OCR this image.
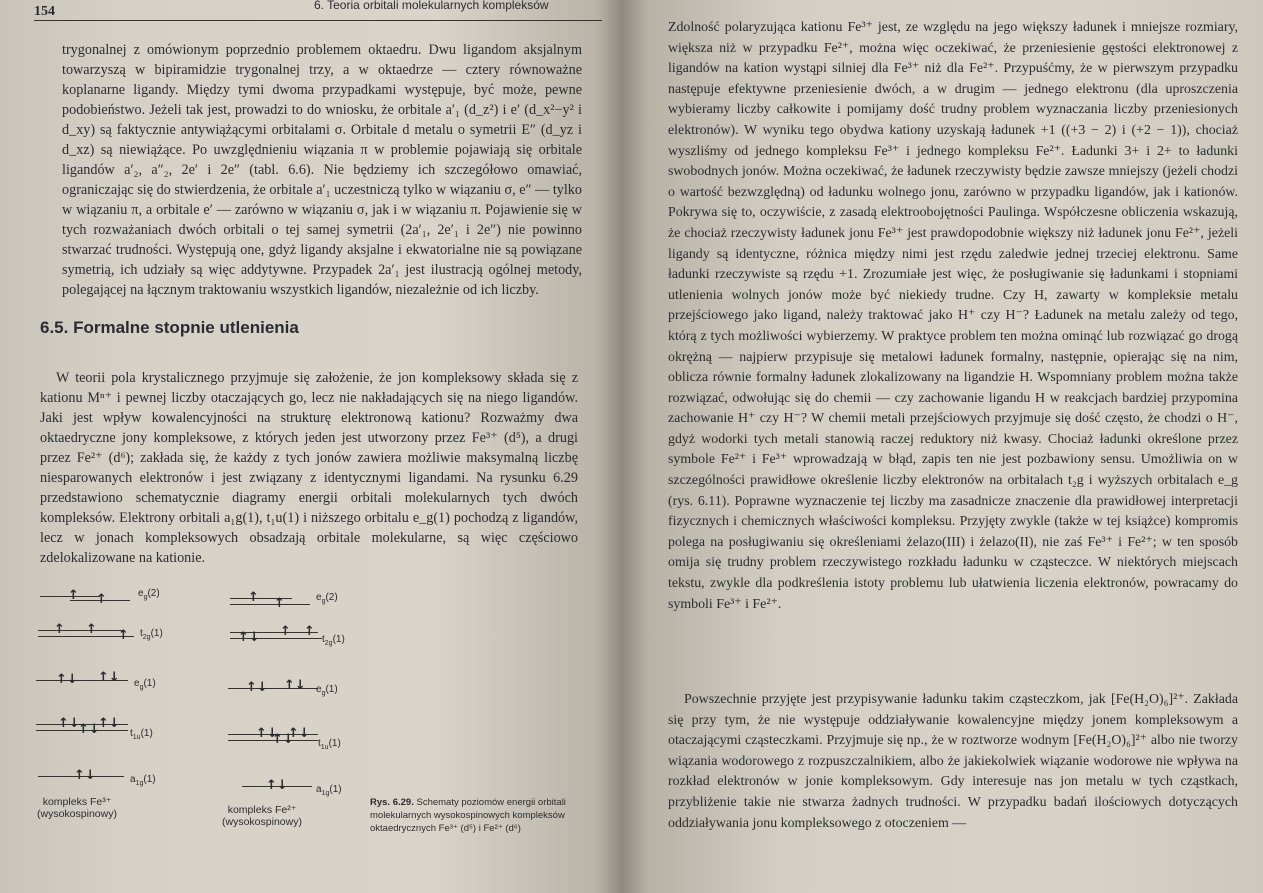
154	6. Teoria orbitali molekularnych kompleksów
trygonalnej z omówionym poprzednio problemem oktaedru. Dwu ligandom aksjalnym towarzyszą w bipiramidzie trygonalnej trzy, a w oktaedrze — cztery równoważne koplanarne ligandy. Między tymi dwoma przypadkami występuje, być może, pewne podobieństwo. Jeżeli tak jest, prowadzi to do wniosku, że orbitale a′₁ (d_z²) i e′ (d_x²−y² i d_xy) są faktycznie antywiążącymi orbitalami σ. Orbitale d metalu o symetrii E″ (d_yz i d_xz) są niewiążące. Po uwzględnieniu wiązania π w problemie pojawiają się orbitale ligandów a′₂, a″₂, 2e′ i 2e″ (tabl. 6.6). Nie będziemy ich szczegółowo omawiać, ograniczając się do stwierdzenia, że orbitale a′₁ uczestniczą tylko w wiązaniu σ, e″ — tylko w wiązaniu π, a orbitale e′ — zarówno w wiązaniu σ, jak i w wiązaniu π. Pojawienie się w tych rozważaniach dwóch orbitali o tej samej symetrii (2a′₁, 2e′₁ i 2e″) nie powinno stwarzać trudności. Występują one, gdyż ligandy aksjalne i ekwatorialne nie są powiązane symetrią, ich udziały są więc addytywne. Przypadek 2a′₁ jest ilustracją ogólnej metody, polegającej na łącznym traktowaniu wszystkich ligandów, niezależnie od ich liczby.
6.5. Formalne stopnie utlenienia
W teorii pola krystalicznego przyjmuje się założenie, że jon kompleksowy składa się z kationu Mⁿ⁺ i pewnej liczby otaczających go, lecz nie nakładających się na niego ligandów. Jaki jest wpływ kowalencyjności na strukturę elektronową kationu? Rozważmy dwa oktaedryczne jony kompleksowe, z których jeden jest utworzony przez Fe³⁺ (d⁵), a drugi przez Fe²⁺ (d⁶); zakłada się, że każdy z tych jonów zawiera możliwie maksymalną liczbę niesparowanych elektronów i jest związany z identycznymi ligandami. Na rysunku 6.29 przedstawiono schematycznie diagramy energii orbitali molekularnych tych dwóch kompleksów. Elektrony orbitali a₁g(1), t₁u(1) i niższego orbitalu e_g(1) pochodzą z ligandów, lecz w jonach kompleksowych obsadzają orbitale molekularne, są więc częściowo zdelokalizowane na kationie.
↑ ↑	$e_g(2)$
↑ ↑ ↑ $t_{2g}(1)$
↑↓ ↑↓ $e_g(1)$
↑↓ ↑↓
↑↓	$t_{1u}(1)$
↑↓	$a_{1g}(1)$
kompleks Fe³⁺
(wysokospinowy)
↑ ↑	$e_g(2)$
↑ ↑
↑↓	$t_{2g}(1)$
↑↓ ↑↓ $e_g(1)$
↑↓ ↑↓
↑↓ $t_{1u}(1)$
↑↓	$a_{1g}(1)$
kompleks Fe²⁺
(wysokospinowy)
Rys. 6.29. Schematy poziomów energii orbitali molekularnych wysokospinowych kompleksów oktaedrycznych Fe³⁺ (d⁵) i Fe²⁺ (d⁶)
Zdolność polaryzująca kationu Fe³⁺ jest, ze względu na jego większy ładunek i mniejsze rozmiary, większa niż w przypadku Fe²⁺, można więc oczekiwać, że przeniesienie gęstości elektronowej z ligandów na kation wystąpi silniej dla Fe³⁺ niż dla Fe²⁺. Przypuśćmy, że w pierwszym przypadku następuje efektywne przeniesienie dwóch, a w drugim — jednego elektronu (dla uproszczenia wybieramy liczby całkowite i pomijamy dość trudny problem wyznaczania liczby przeniesionych elektronów). W wyniku tego obydwa kationy uzyskają ładunek +1 ((+3 − 2) i (+2 − 1)), chociaż wyszliśmy od jednego kompleksu Fe³⁺ i jednego kompleksu Fe²⁺. Ładunki 3+ i 2+ to ładunki swobodnych jonów. Można oczekiwać, że ładunek rzeczywisty będzie zawsze mniejszy (jeżeli chodzi o wartość bezwzględną) od ładunku wolnego jonu, zarówno w przypadku ligandów, jak i kationów. Pokrywa się to, oczywiście, z zasadą elektroobojętności Paulinga. Współczesne obliczenia wskazują, że chociaż rzeczywisty ładunek jonu Fe³⁺ jest prawdopodobnie większy niż ładunek jonu Fe²⁺, jeżeli ligandy są identyczne, różnica między nimi jest rzędu zaledwie jednej trzeciej elektronu. Same ładunki rzeczywiste są rzędu +1. Zrozumiałe jest więc, że posługiwanie się ładunkami i stopniami utlenienia wolnych jonów może być niekiedy trudne. Czy H, zawarty w kompleksie metalu przejściowego jako ligand, należy traktować jako H⁺ czy H⁻? Ładunek na metalu zależy od tego, którą z tych możliwości wybierzemy. W praktyce problem ten można ominąć lub rozwiązać go drogą okrężną — najpierw przypisuje się metalowi ładunek formalny, następnie, opierając się na nim, oblicza równie formalny ładunek zlokalizowany na ligandzie H. Wspomniany problem można także rozwiązać, odwołując się do chemii — czy zachowanie ligandu H w reakcjach bardziej przypomina zachowanie H⁺ czy H⁻? W chemii metali przejściowych przyjmuje się dość często, że chodzi o H⁻, gdyż wodorki tych metali stanowią raczej reduktory niż kwasy. Chociaż ładunki określone przez symbole Fe²⁺ i Fe³⁺ wprowadzają w błąd, zapis ten nie jest pozbawiony sensu. Umożliwia on w szczególności prawidłowe określenie liczby elektronów na orbitalach t₂g i wyższych orbitalach e_g (rys. 6.11). Poprawne wyznaczenie tej liczby ma zasadnicze znaczenie dla prawidłowej interpretacji fizycznych i chemicznych właściwości kompleksu. Przyjęty zwykle (także w tej książce) kompromis polega na posługiwaniu się określeniami żelazo(III) i żelazo(II), nie zaś Fe³⁺ i Fe²⁺; w ten sposób omija się trudny problem rzeczywistego rozkładu ładunku w cząsteczce. W niektórych miejscach tekstu, zwykle dla podkreślenia istoty problemu lub ułatwienia liczenia elektronów, powracamy do symboli Fe³⁺ i Fe²⁺.
Powszechnie przyjęte jest przypisywanie ładunku takim cząsteczkom, jak [Fe(H₂O)₆]²⁺. Zakłada się przy tym, że nie występuje oddziaływanie kowalencyjne między jonem kompleksowym a otaczającymi cząsteczkami. Przyjmuje się np., że w roztworze wodnym [Fe(H₂O)₆]²⁺ albo nie tworzy wiązania wodorowego z rozpuszczalnikiem, albo że jakiekolwiek wiązanie wodorowe nie wpływa na rozkład elektronów w jonie kompleksowym. Gdy interesuje nas jon metalu w tych cząstkach, przybliżenie takie nie stwarza żadnych trudności. W przypadku badań ilościowych dotyczących oddziaływania jonu kompleksowego z otoczeniem —
